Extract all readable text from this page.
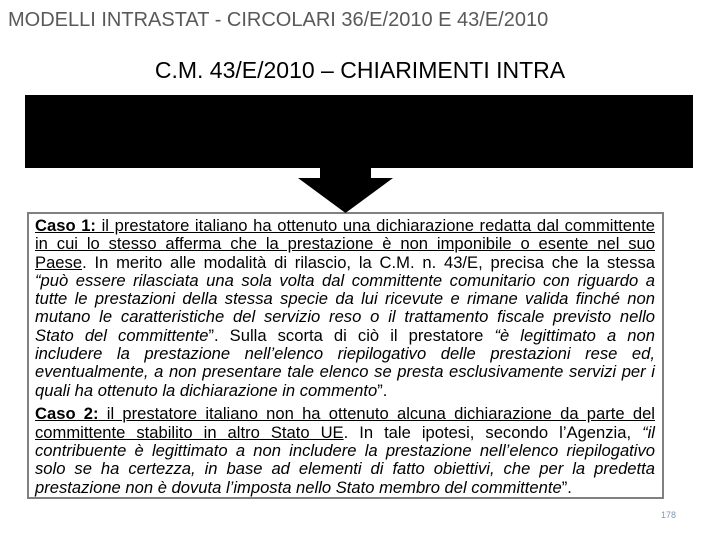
MODELLI INTRASTAT - CIRCOLARI 36/E/2010 E 43/E/2010
C.M. 43/E/2010 – CHIARIMENTI INTRA
Caso 1: il prestatore italiano ha ottenuto una dichiarazione redatta dal committente
in cui lo stesso afferma che la prestazione è non imponibile o esente nel suo
Paese. In merito alle modalità di rilascio, la C.M. n. 43/E, precisa che la stessa
“può essere rilasciata una sola volta dal committente comunitario con riguardo a
tutte le prestazioni della stessa specie da lui ricevute e rimane valida finché non
mutano le caratteristiche del servizio reso o il trattamento fiscale previsto nello
Stato del committente”. Sulla scorta di ciò il prestatore “è legittimato a non
includere la prestazione nell’elenco riepilogativo delle prestazioni rese ed,
eventualmente, a non presentare tale elenco se presta esclusivamente servizi per i
quali ha ottenuto la dichiarazione in commento”.
Caso 2: il prestatore italiano non ha ottenuto alcuna dichiarazione da parte del
committente stabilito in altro Stato UE. In tale ipotesi, secondo l’Agenzia, “il
contribuente è legittimato a non includere la prestazione nell’elenco riepilogativo
solo se ha certezza, in base ad elementi di fatto obiettivi, che per la predetta
prestazione non è dovuta l’imposta nello Stato membro del committente”.
178
